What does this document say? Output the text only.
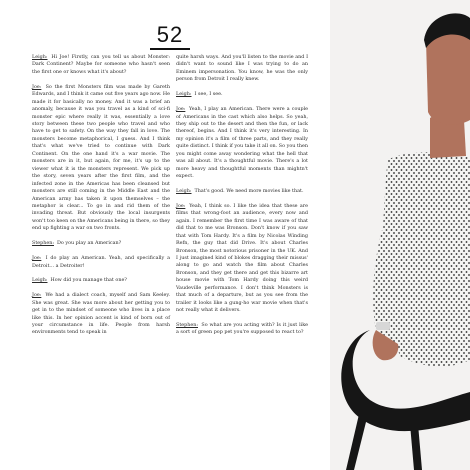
52

Leigh: Hi Joe! Firstly, can you tell us about Monster: Dark Continent? Maybe for someone who hasn't seen the first one or knows what it's about?

Joe: So the first Monsters film was made by Gareth Edwards, and I think it came out five years ago now. He made it for basically no money. And it was a brief an anomaly, because it was you travel as a kind of sci-fi monster epic where really it was, essentially a love story between these two people who travel and who have to get to safety. On the way they fall in love. The monsters become metaphorical, I guess. And I think that's what we've tried to continue with Dark Continent. On the one hand it's a war movie. The monsters are in it, but again, for me, it's up to the viewer what it is the monsters represent. We pick up the story, seven years after the first film, and the infected zone in the Americas has been cleansed but monsters are still coming in the Middle East and the American army has taken it upon themselves – the metaphor is clear... To go in and rid them of the invading threat. But obviously the local insurgents won't too keen on the Americans being in there, so they end up fighting a war on two fronts.

Stephen: Do you play an American?

Joe: I do play an American. Yeah, and specifically a Detroit... a Detroiter!

Leigh: How did you manage that one?

Joe: We had a dialect coach, myself and Sam Keeley. She was great. She was more about her getting you to get in to the mindset of someone who lives in a place like this. In her opinion accent is kind of born out of your circumstance in life. People from harsh environments tend to speak in

quite harsh ways. And you'll listen to the movie and I didn't want to sound like I was trying to do an Eminem impersonation. You know, he was the only person from Detroit I really knew.

Leigh: I see, I see.

Joe: Yeah, I play an American. There were a couple of Americans in the cast which also helps. So yeah, they ship out to the desert and then the fun, or lack thereof, begins. And I think it's very interesting. In my opinion it's a film of three parts, and they really quite distinct. I think if you take it all on. So you then you might come away wondering what the hell that was all about. It's a thoughtful movie. There's a lot more heavy and thoughtful moments than mightn't expect.

Leigh: That's good. We need more movies like that.

Joe: Yeah, I think so. I like the idea that these are films that wrong-foot an audience, every now and again. I remember the first time I was aware of that did that to me was Bronson. Don't know if you saw that with Tom Hardy. It's a film by Nicolas Winding Refn, the guy that did Drive. It's about Charles Bronson, the most notorious prisoner in the UK. And I just imagined kind of blokes dragging their missus' along to go and watch the film about Charles Bronson, and they get there and get this bizarre art house movie with Tom Hardy doing this weird Vaudeville performance. I don't think Monsters is that much of a departure, but as you see from the trailer it looks like a gung-ho war movie when that's not really what it delivers.

Stephen: So what are you acting with? Is it just like a sort of green pop pet you're supposed to react to?
